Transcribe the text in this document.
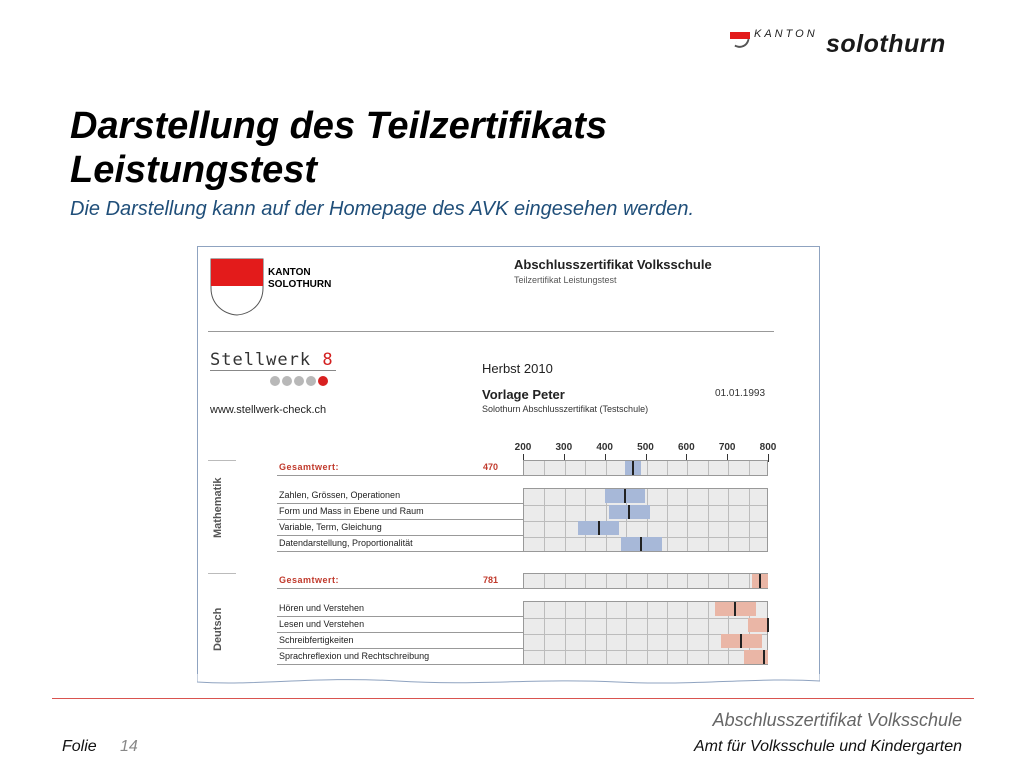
KANTON solothurn
Darstellung des Teilzertifikats
Leistungstest
Die Darstellung kann auf der Homepage des AVK eingesehen werden.
KANTON
SOLOTHURN
Abschlusszertifikat Volksschule
Teilzertifikat Leistungstest
Stellwerk 8
www.stellwerk-check.ch
Herbst 2010
Vorlage Peter
Solothurn Abschlusszertifikat (Testschule)
01.01.1993
200 300 400 500 600 700 800
Mathematik
Gesamtwert:	470
Zahlen, Grössen, Operationen
Form und Mass in Ebene und Raum
Variable, Term, Gleichung
Datendarstellung, Proportionalität
Deutsch
Gesamtwert:	781
Hören und Verstehen
Lesen und Verstehen
Schreibfertigkeiten
Sprachreflexion und Rechtschreibung
Abschlusszertifikat Volksschule
Amt für Volksschule und Kindergarten
Folie 14
